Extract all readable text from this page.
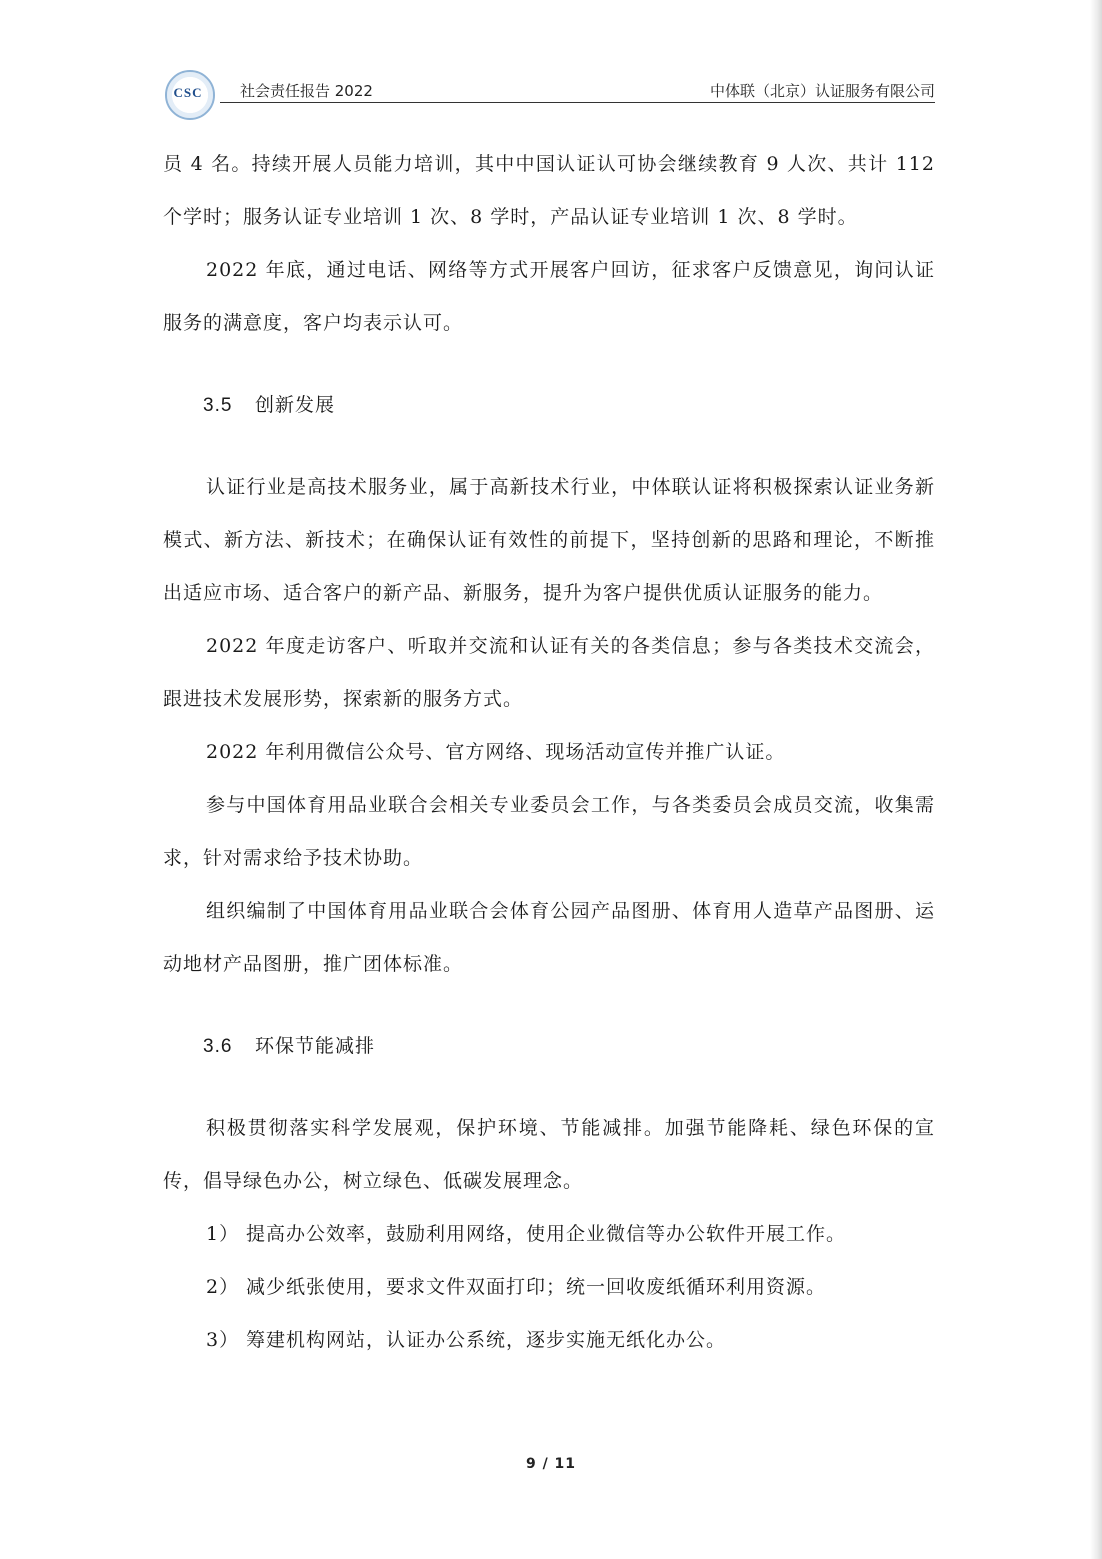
CSC	社会责任报告 2022	中体联（北京）认证服务有限公司

员 4 名。持续开展人员能力培训，其中中国认证认可协会继续教育 9 人次、共计 112 个学时；服务认证专业培训 1 次、8 学时，产品认证专业培训 1 次、8 学时。

2022 年底，通过电话、网络等方式开展客户回访，征求客户反馈意见，询问认证服务的满意度，客户均表示认可。

3.5 创新发展

认证行业是高技术服务业，属于高新技术行业，中体联认证将积极探索认证业务新模式、新方法、新技术；在确保认证有效性的前提下，坚持创新的思路和理论，不断推出适应市场、适合客户的新产品、新服务，提升为客户提供优质认证服务的能力。

2022 年度走访客户、听取并交流和认证有关的各类信息；参与各类技术交流会，跟进技术发展形势，探索新的服务方式。

2022 年利用微信公众号、官方网络、现场活动宣传并推广认证。

参与中国体育用品业联合会相关专业委员会工作，与各类委员会成员交流，收集需求，针对需求给予技术协助。

组织编制了中国体育用品业联合会体育公园产品图册、体育用人造草产品图册、运动地材产品图册，推广团体标准。

3.6 环保节能减排

积极贯彻落实科学发展观，保护环境、节能减排。加强节能降耗、绿色环保的宣传，倡导绿色办公，树立绿色、低碳发展理念。

1） 提高办公效率，鼓励利用网络，使用企业微信等办公软件开展工作。

2） 减少纸张使用，要求文件双面打印；统一回收废纸循环利用资源。

3） 筹建机构网站，认证办公系统，逐步实施无纸化办公。

9 / 11
